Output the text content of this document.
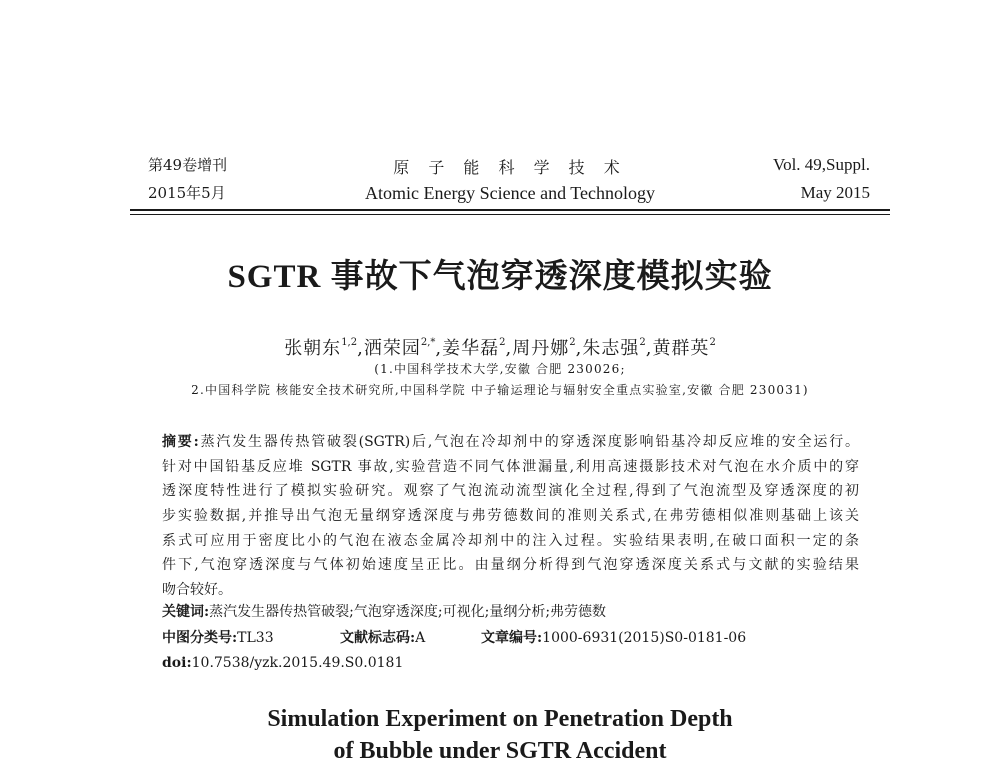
第49卷增刊
2015年5月
原 子 能 科 学 技 术
Atomic Energy Science and Technology
Vol. 49,Suppl.
May 2015
SGTR 事故下气泡穿透深度模拟实验
张朝东$^{1,2}$,洒荣园$^{2,*}$,姜华磊$^2$,周丹娜$^2$,朱志强$^2$,黄群英$^2$
(1.中国科学技术大学,安徽 合肥 230026;
2.中国科学院 核能安全技术研究所,中国科学院 中子输运理论与辐射安全重点实验室,安徽 合肥 230031)
摘要:蒸汽发生器传热管破裂(SGTR)后,气泡在冷却剂中的穿透深度影响铅基冷却反应堆的安全运行。
针对中国铅基反应堆 SGTR 事故,实验营造不同气体泄漏量,利用高速摄影技术对气泡在水介质中的穿
透深度特性进行了模拟实验研究。观察了气泡流动流型演化全过程,得到了气泡流型及穿透深度的初
步实验数据,并推导出气泡无量纲穿透深度与弗劳德数间的准则关系式,在弗劳德相似准则基础上该关
系式可应用于密度比小的气泡在液态金属冷却剂中的注入过程。实验结果表明,在破口面积一定的条
件下,气泡穿透深度与气体初始速度呈正比。由量纲分析得到气泡穿透深度关系式与文献的实验结果
吻合较好。
关键词:蒸汽发生器传热管破裂;气泡穿透深度;可视化;量纲分析;弗劳德数
中图分类号:TL33	文献标志码:A	文章编号:1000-6931(2015)S0-0181-06
doi:10.7538/yzk.2015.49.S0.0181
Simulation Experiment on Penetration Depth
of Bubble under SGTR Accident
